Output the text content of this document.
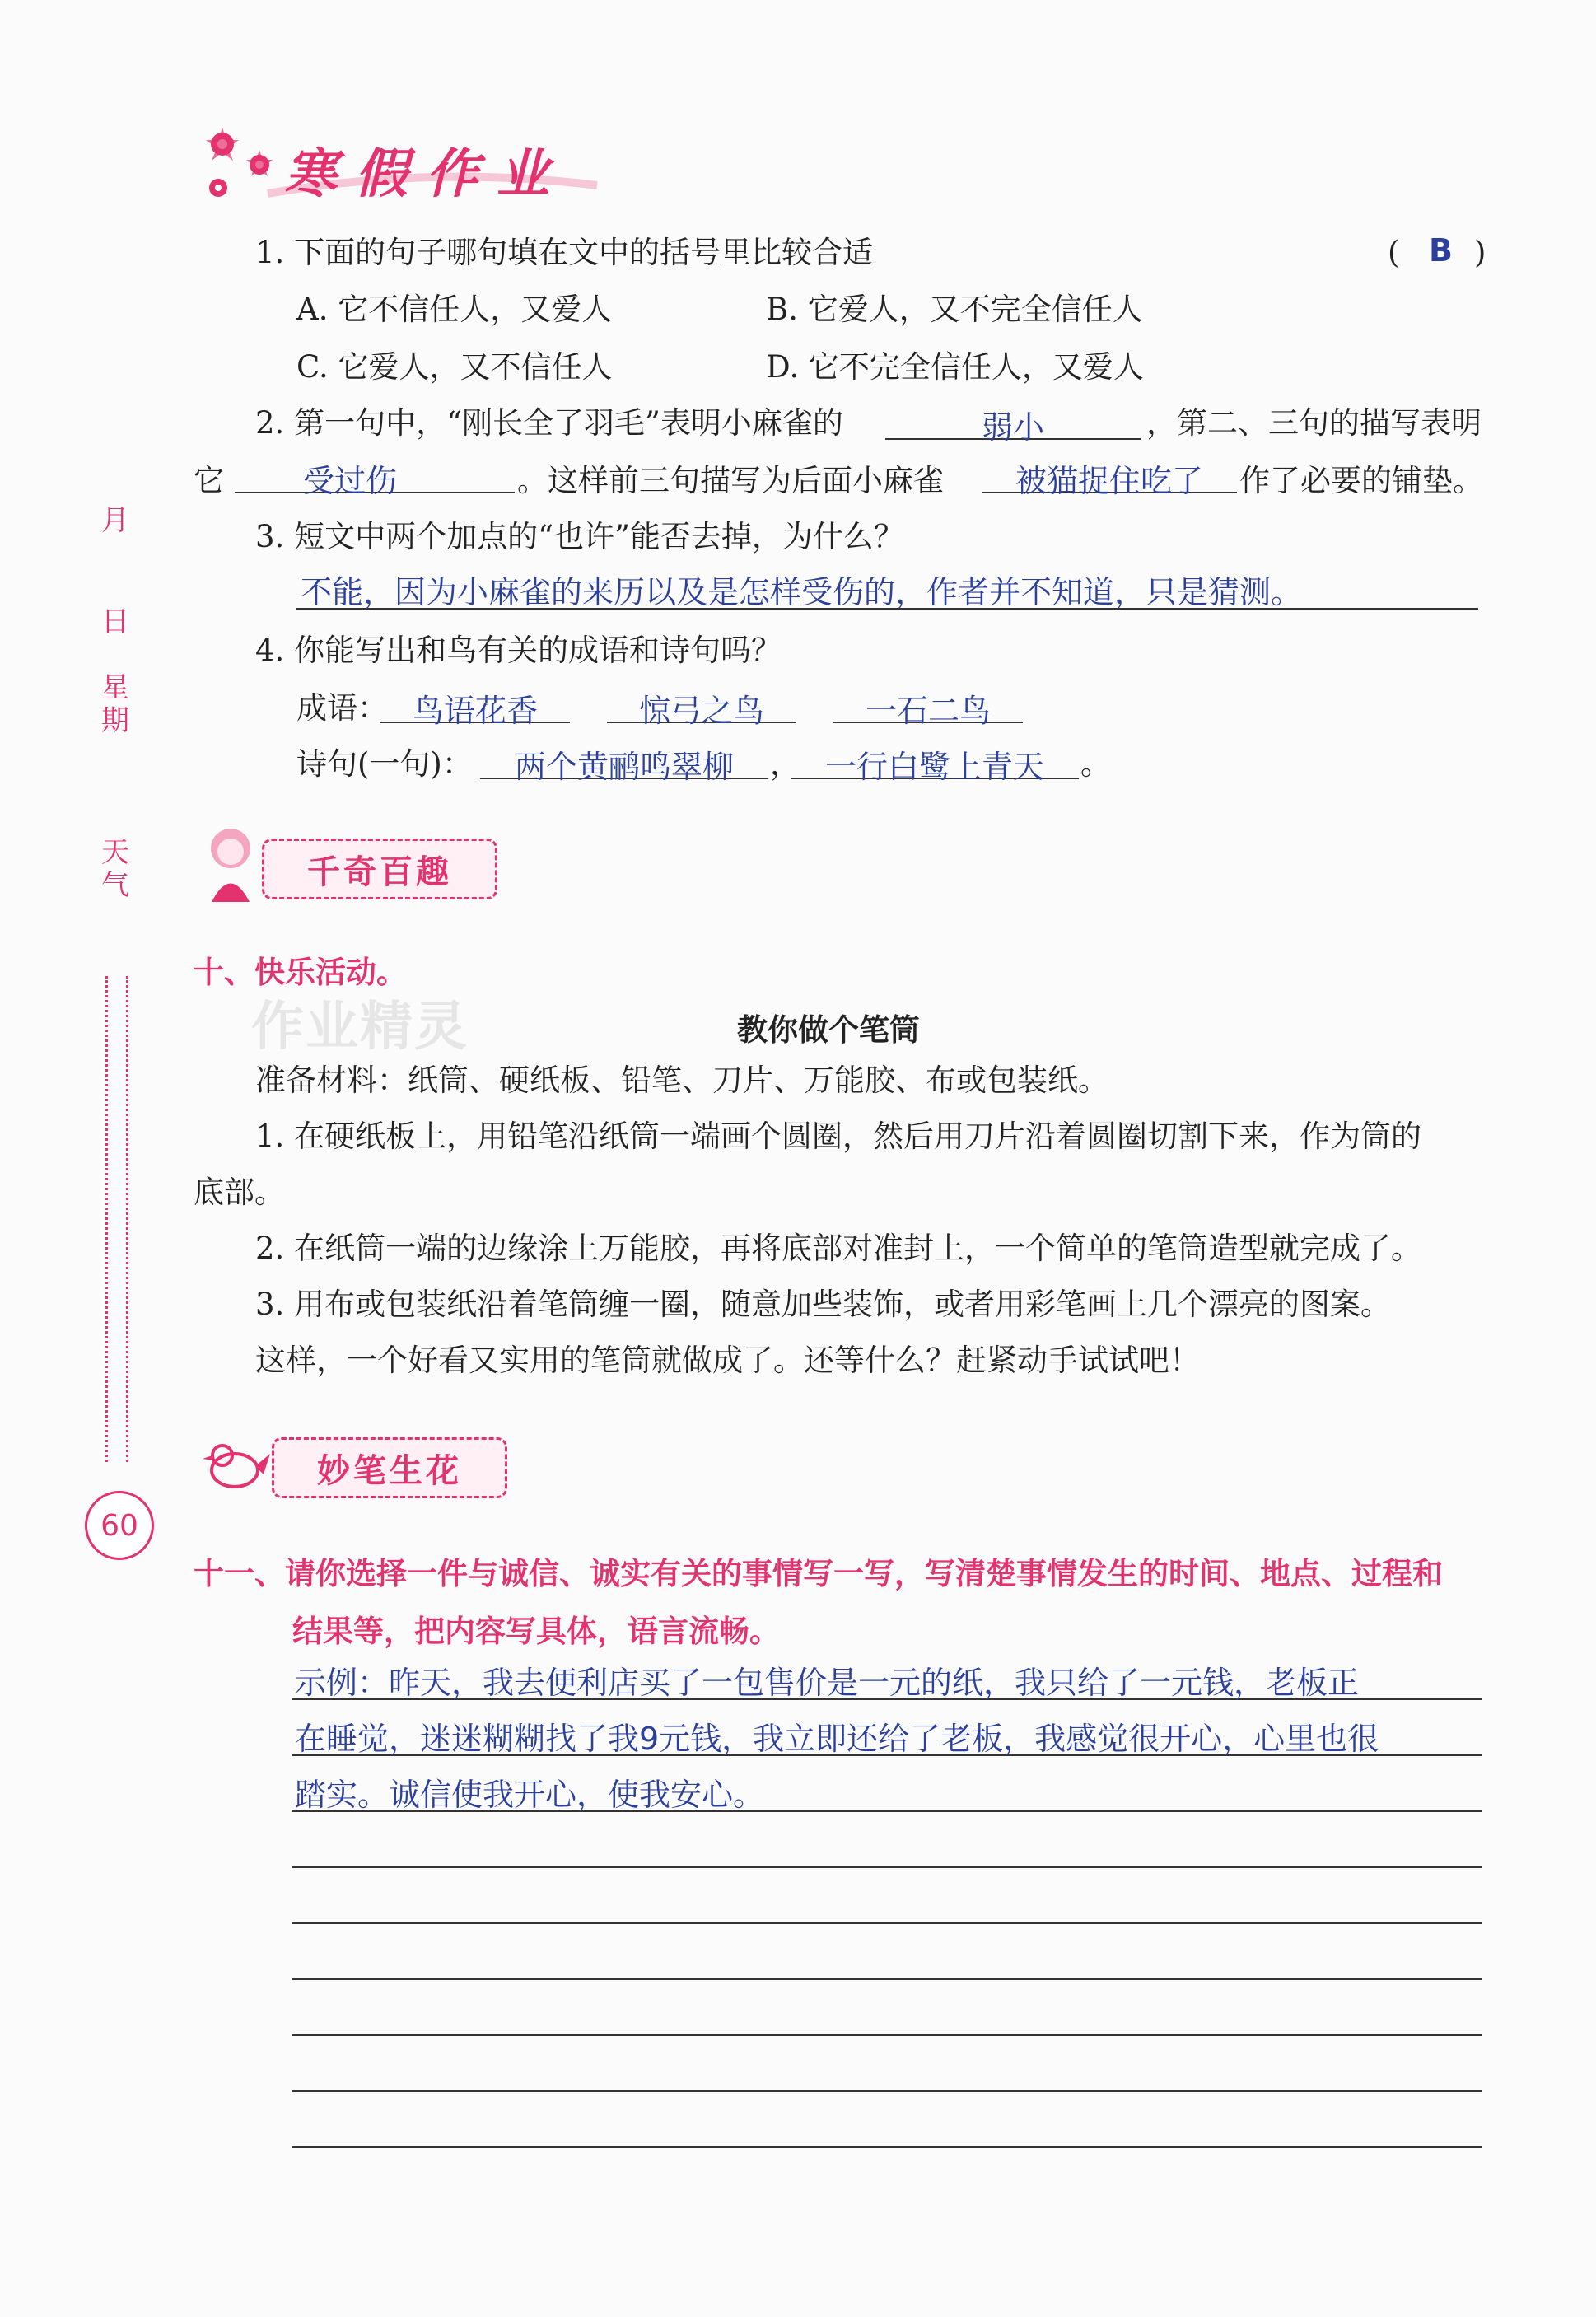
寒假作业
1. 下面的句子哪句填在文中的括号里比较合适	( B )
A. 它不信任人，又爱人	B. 它爱人，又不完全信任人
C. 它爱人，又不信任人	D. 它不完全信任人，又爱人
2. 第一句中，“刚长全了羽毛”表明小麻雀的	弱小	，第二、三句的描写表明
它	受过伤	。这样前三句描写为后面小麻雀	被猫捉住吃了	作了必要的铺垫。
3. 短文中两个加点的“也许”能否去掉，为什么？
不能，因为小麻雀的来历以及是怎样受伤的，作者并不知道，只是猜测。
4. 你能写出和鸟有关的成语和诗句吗？
成语： 鸟语花香	惊弓之鸟	一石二鸟
诗句(一句)：	两个黄鹂鸣翠柳	， 一行白鹭上青天	。
月
日
星期
天气
60
千奇百趣
十、快乐活动。
作业精灵	教你做个笔筒
准备材料：纸筒、硬纸板、铅笔、刀片、万能胶、布或包装纸。
1. 在硬纸板上，用铅笔沿纸筒一端画个圆圈，然后用刀片沿着圆圈切割下来，作为筒的
底部。
2. 在纸筒一端的边缘涂上万能胶，再将底部对准封上，一个简单的笔筒造型就完成了。
3. 用布或包装纸沿着笔筒缠一圈，随意加些装饰，或者用彩笔画上几个漂亮的图案。
这样，一个好看又实用的笔筒就做成了。还等什么？赶紧动手试试吧！
妙笔生花
十一、请你选择一件与诚信、诚实有关的事情写一写，写清楚事情发生的时间、地点、过程和
结果等，把内容写具体，语言流畅。
示例：昨天，我去便利店买了一包售价是一元的纸，我只给了一元钱，老板正
在睡觉，迷迷糊糊找了我9元钱，我立即还给了老板，我感觉很开心，心里也很
踏实。诚信使我开心，使我安心。
